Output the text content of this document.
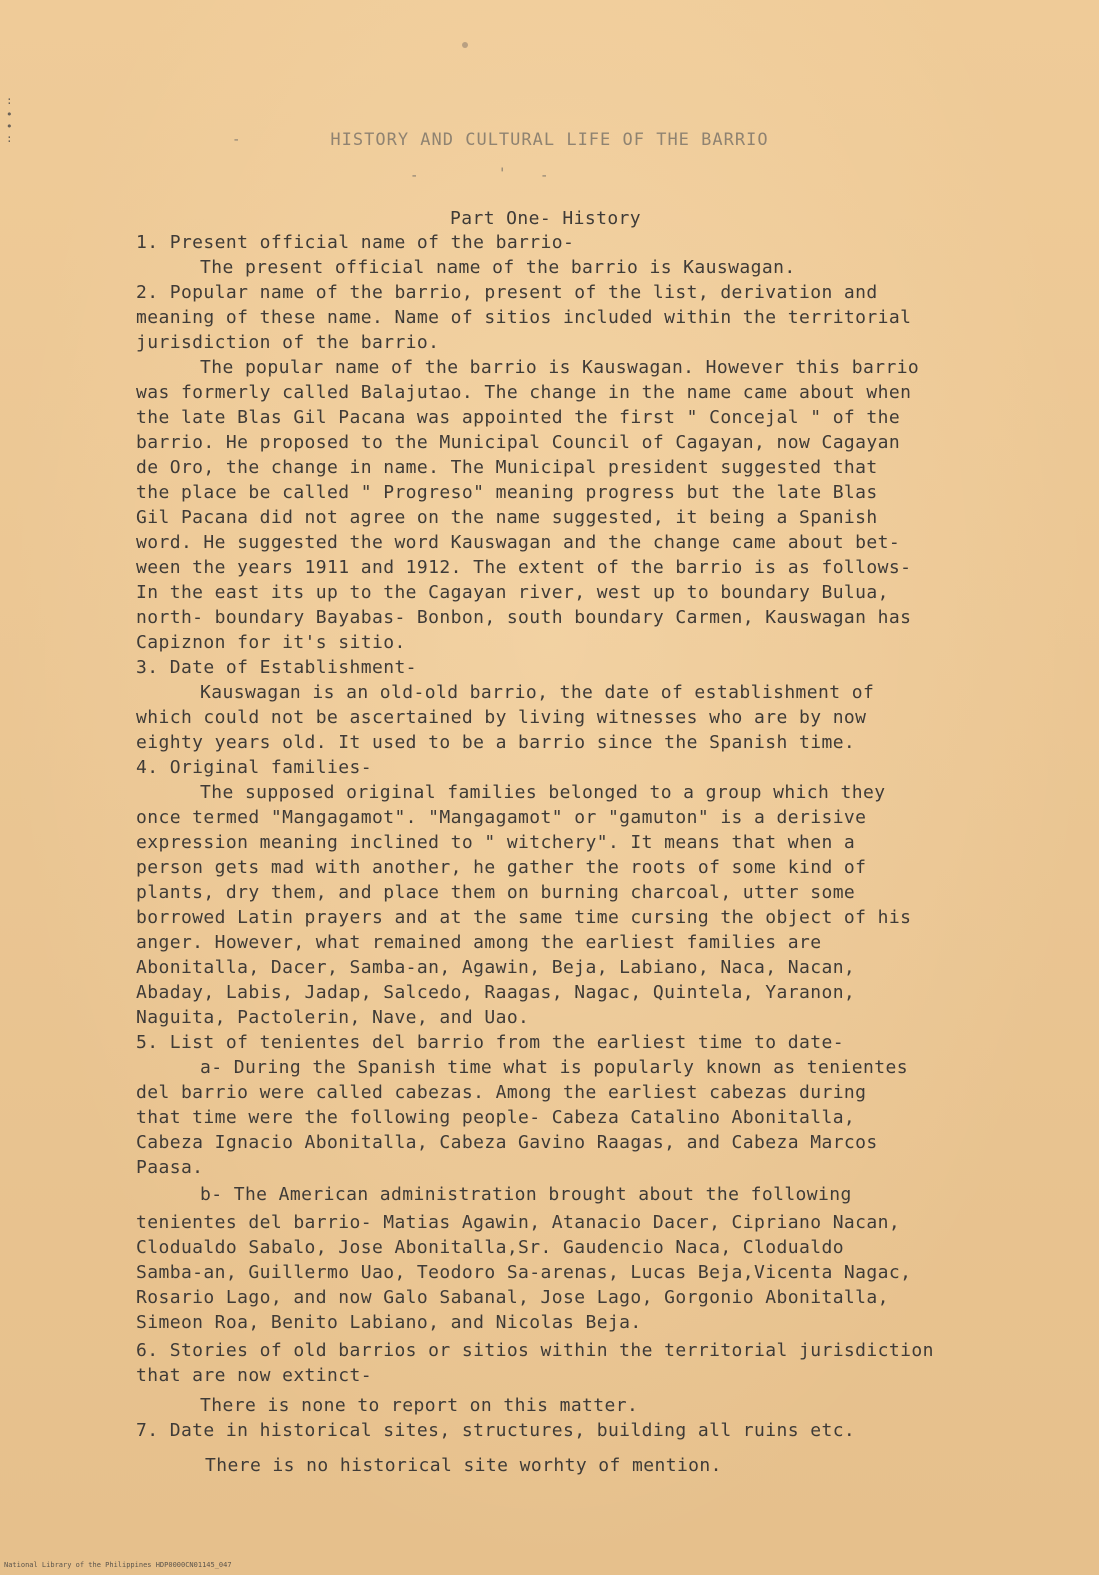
:
•
•
:	HISTORY AND CULTURAL LIFE OF THE BARRIO
-
-	' -
Part One- History
1. Present official name of the barrio-
The present official name of the barrio is Kauswagan.
2. Popular name of the barrio, present of the list, derivation and
meaning of these name. Name of sitios included within the territorial
jurisdiction of the barrio.
The popular name of the barrio is Kauswagan. However this barrio
was formerly called Balajutao. The change in the name came about when
the late Blas Gil Pacana was appointed the first " Concejal " of the
barrio. He proposed to the Municipal Council of Cagayan, now Cagayan
de Oro, the change in name. The Municipal president suggested that
the place be called " Progreso" meaning progress but the late Blas
Gil Pacana did not agree on the name suggested, it being a Spanish
word. He suggested the word Kauswagan and the change came about bet-
ween the years 1911 and 1912. The extent of the barrio is as follows-
In the east its up to the Cagayan river, west up to boundary Bulua,
north- boundary Bayabas- Bonbon, south boundary Carmen, Kauswagan has
Capiznon for it's sitio.
3. Date of Establishment-
Kauswagan is an old-old barrio, the date of establishment of
which could not be ascertained by living witnesses who are by now
eighty years old. It used to be a barrio since the Spanish time.
4. Original families-
The supposed original families belonged to a group which they
once termed "Mangagamot". "Mangagamot" or "gamuton" is a derisive
expression meaning inclined to " witchery". It means that when a
person gets mad with another, he gather the roots of some kind of
plants, dry them, and place them on burning charcoal, utter some
borrowed Latin prayers and at the same time cursing the object of his
anger. However, what remained among the earliest families are
Abonitalla, Dacer, Samba-an, Agawin, Beja, Labiano, Naca, Nacan,
Abaday, Labis, Jadap, Salcedo, Raagas, Nagac, Quintela, Yaranon,
Naguita, Pactolerin, Nave, and Uao.
5. List of tenientes del barrio from the earliest time to date-
a- During the Spanish time what is popularly known as tenientes
del barrio were called cabezas. Among the earliest cabezas during
that time were the following people- Cabeza Catalino Abonitalla,
Cabeza Ignacio Abonitalla, Cabeza Gavino Raagas, and Cabeza Marcos
Paasa.
b- The American administration brought about the following
tenientes del barrio- Matias Agawin, Atanacio Dacer, Cipriano Nacan,
Clodualdo Sabalo, Jose Abonitalla,Sr. Gaudencio Naca, Clodualdo
Samba-an, Guillermo Uao, Teodoro Sa-arenas, Lucas Beja,Vicenta Nagac,
Rosario Lago, and now Galo Sabanal, Jose Lago, Gorgonio Abonitalla,
Simeon Roa, Benito Labiano, and Nicolas Beja.
6. Stories of old barrios or sitios within the territorial jurisdiction
that are now extinct-
There is none to report on this matter.
7. Date in historical sites, structures, building all ruins etc.
There is no historical site worhty of mention.
National Library of the Philippines HDP0000CN01145_047
